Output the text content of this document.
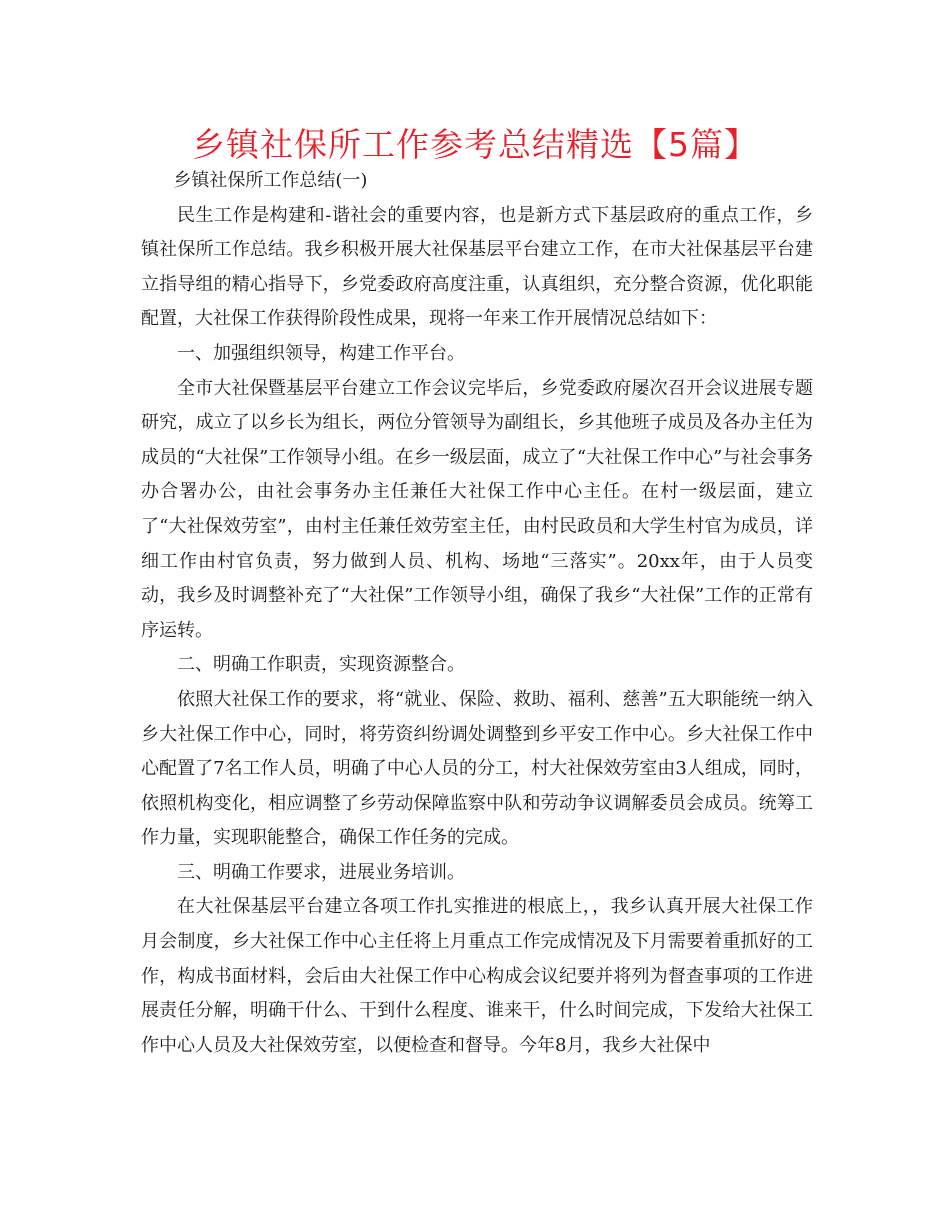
乡镇社保所工作参考总结精选【5篇】

乡镇社保所工作总结(一)

民生工作是构建和-谐社会的重要内容，也是新方式下基层政府的重点工作，乡镇社保所工作总结。我乡积极开展大社保基层平台建立工作，在市大社保基层平台建立指导组的精心指导下，乡党委政府高度注重，认真组织，充分整合资源，优化职能配置，大社保工作获得阶段性成果，现将一年来工作开展情况总结如下：

一、加强组织领导，构建工作平台。

全市大社保暨基层平台建立工作会议完毕后，乡党委政府屡次召开会议进展专题研究，成立了以乡长为组长，两位分管领导为副组长，乡其他班子成员及各办主任为成员的“大社保”工作领导小组。在乡一级层面，成立了“大社保工作中心”与社会事务办合署办公，由社会事务办主任兼任大社保工作中心主任。在村一级层面，建立了“大社保效劳室”，由村主任兼任效劳室主任，由村民政员和大学生村官为成员，详细工作由村官负责，努力做到人员、机构、场地“三落实”。20xx年，由于人员变动，我乡及时调整补充了“大社保”工作领导小组，确保了我乡“大社保”工作的正常有序运转。

二、明确工作职责，实现资源整合。

依照大社保工作的要求，将“就业、保险、救助、福利、慈善”五大职能统一纳入乡大社保工作中心，同时，将劳资纠纷调处调整到乡平安工作中心。乡大社保工作中心配置了7名工作人员，明确了中心人员的分工，村大社保效劳室由3人组成，同时，依照机构变化，相应调整了乡劳动保障监察中队和劳动争议调解委员会成员。统筹工作力量，实现职能整合，确保工作任务的完成。

三、明确工作要求，进展业务培训。

在大社保基层平台建立各项工作扎实推进的根底上，，我乡认真开展大社保工作月会制度，乡大社保工作中心主任将上月重点工作完成情况及下月需要着重抓好的工作，构成书面材料，会后由大社保工作中心构成会议纪要并将列为督查事项的工作进展责任分解，明确干什么、干到什么程度、谁来干，什么时间完成，下发给大社保工作中心人员及大社保效劳室，以便检查和督导。今年8月，我乡大社保中
